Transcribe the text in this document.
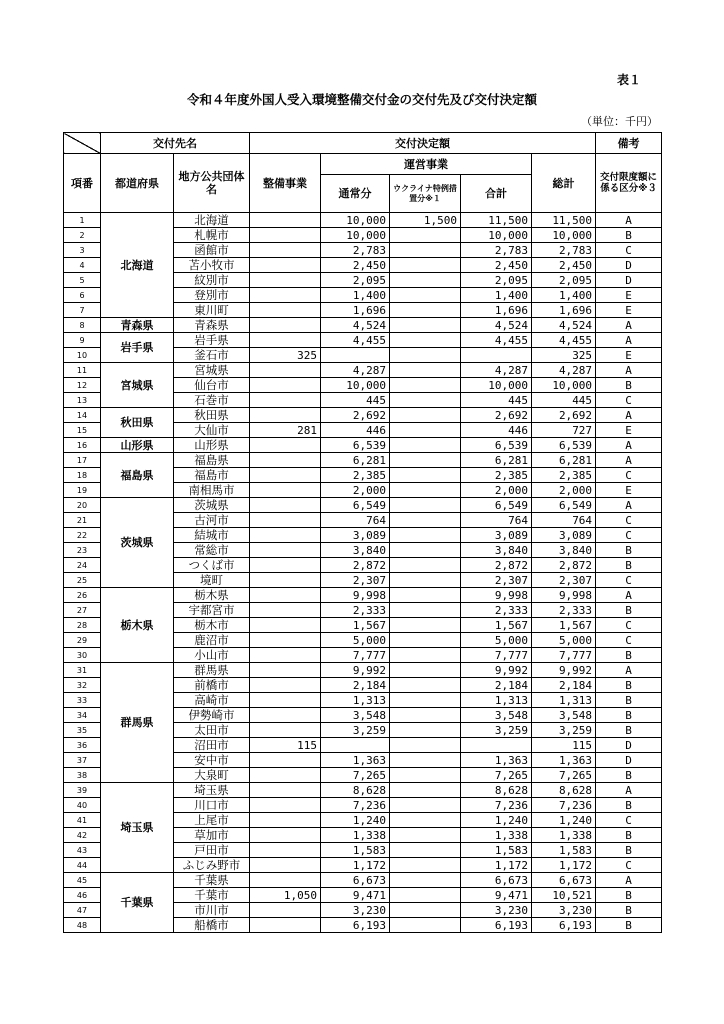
表１
令和４年度外国人受入環境整備交付金の交付先及び交付決定額
（単位：千円）
	交付先名		交付決定額					備考
項番	都道府県	地方公共団体名	整備事業	運営事業			総計	交付限度額に係る区分※３
				通常分	ウクライナ特例措置分※１	合計		
1	北海道	北海道		10,000	1,500	11,500	11,500	A
2		札幌市		10,000		10,000	10,000	B
3		函館市		2,783		2,783	2,783	C
4		苫小牧市		2,450		2,450	2,450	D
5		紋別市		2,095		2,095	2,095	D
6		登別市		1,400		1,400	1,400	E
7		東川町		1,696		1,696	1,696	E
8	青森県	青森県		4,524		4,524	4,524	A
9	岩手県	岩手県		4,455		4,455	4,455	A
10		釜石市	325				325	E
11	宮城県	宮城県		4,287		4,287	4,287	A
12		仙台市		10,000		10,000	10,000	B
13		石巻市		445		445	445	C
14	秋田県	秋田県		2,692		2,692	2,692	A
15		大仙市	281	446		446	727	E
16	山形県	山形県		6,539		6,539	6,539	A
17	福島県	福島県		6,281		6,281	6,281	A
18		福島市		2,385		2,385	2,385	C
19		南相馬市		2,000		2,000	2,000	E
20	茨城県	茨城県		6,549		6,549	6,549	A
21		古河市		764		764	764	C
22		結城市		3,089		3,089	3,089	C
23		常総市		3,840		3,840	3,840	B
24		つくば市		2,872		2,872	2,872	B
25		境町		2,307		2,307	2,307	C
26	栃木県	栃木県		9,998		9,998	9,998	A
27		宇都宮市		2,333		2,333	2,333	B
28		栃木市		1,567		1,567	1,567	C
29		鹿沼市		5,000		5,000	5,000	C
30		小山市		7,777		7,777	7,777	B
31	群馬県	群馬県		9,992		9,992	9,992	A
32		前橋市		2,184		2,184	2,184	B
33		高崎市		1,313		1,313	1,313	B
34		伊勢崎市		3,548		3,548	3,548	B
35		太田市		3,259		3,259	3,259	B
36		沼田市	115				115	D
37		安中市		1,363		1,363	1,363	D
38		大泉町		7,265		7,265	7,265	B
39	埼玉県	埼玉県		8,628		8,628	8,628	A
40		川口市		7,236		7,236	7,236	B
41		上尾市		1,240		1,240	1,240	C
42		草加市		1,338		1,338	1,338	B
43		戸田市		1,583		1,583	1,583	B
44		ふじみ野市		1,172		1,172	1,172	C
45	千葉県	千葉県		6,673		6,673	6,673	A
46		千葉市	1,050	9,471		9,471	10,521	B
47		市川市		3,230		3,230	3,230	B
48		船橋市		6,193		6,193	6,193	B
